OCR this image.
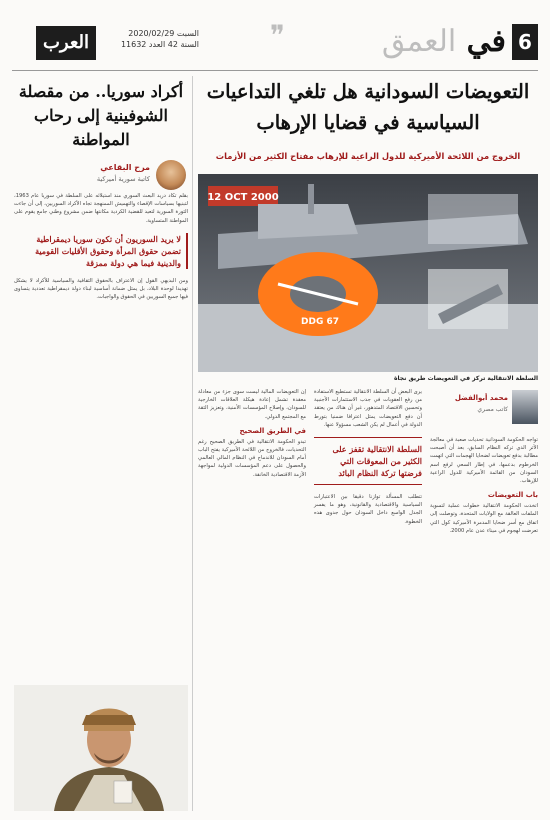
6
في العمق
❞
العرب	السبت 2020/02/29
السنة 42 العدد 11632
أكراد سوريا.. من مقصلة الشوفينية إلى رحاب المواطنة
مرح البقاعي
كاتبة سورية أميركية

بقلم تكاد دريد البعث السوري منذ استيلائه على السلطة في سوريا عام 1963، لتبنيها بسياسات الإقصاء والتهميش الممنهجة تجاه الأكراد السوريين، إلى أن جاءت الثورة السورية لتعيد للقضية الكردية مكانتها ضمن مشروع وطني جامع يقوم على المواطنة المتساوية.

لا يريد السوريون أن تكون سوريا ديمقراطية تضمن حقوق المرأة وحقوق الأقليات القومية والدينية فيما هي دولة ممزقة

ومن البديهي القول إن الاعتراف بالحقوق الثقافية والسياسية للأكراد لا يشكل تهديدا لوحدة البلاد، بل يمثل ضمانة أساسية لبناء دولة ديمقراطية تعددية يتساوى فيها جميع السوريين في الحقوق والواجبات.

التعويضات السودانية هل تلغي التداعيات السياسية في قضايا الإرهاب
الخروج من اللائحة الأميركية للدول الراعية للإرهاب مفتاح الكثير من الأزمات
12 OCT 2000
DDG 67
السلطة الانتقالية تركز في التعويضات طريق نجاة
محمد أبوالفضل
كاتب مصري

تواجه الحكومة السودانية تحديات صعبة في معالجة الأثر الذي تركه النظام السابق، بعد أن أصبحت مطالبة بدفع تعويضات لضحايا الهجمات التي اتهمت الخرطوم بدعمها، في إطار السعي لرفع اسم السودان من القائمة الأميركية للدول الراعية للإرهاب.

باب التعويضات

اتخذت الحكومة الانتقالية خطوات عملية لتسوية الملفات العالقة مع الولايات المتحدة، وتوصلت إلى اتفاق مع أسر ضحايا المدمرة الأميركية كول التي تعرضت لهجوم في ميناء عدن عام 2000.

يرى البعض أن السلطة الانتقالية تستطيع الاستفادة من رفع العقوبات في جذب الاستثمارات الأجنبية وتحسين الاقتصاد المتدهور، غير أن هناك من يعتقد أن دفع التعويضات يمثل اعترافا ضمنيا بتورط الدولة في أعمال لم يكن الشعب مسؤولا عنها.

السلطة الانتقالية تقفز على الكثير من المعوقات التي فرضتها تركة النظام البائد

تتطلب المسألة توازنا دقيقا بين الاعتبارات السياسية والاقتصادية والقانونية، وهو ما يفسر الجدل الواسع داخل السودان حول جدوى هذه الخطوة.

إن التعويضات المالية ليست سوى جزء من معادلة معقدة تشمل إعادة هيكلة العلاقات الخارجية للسودان، وإصلاح المؤسسات الأمنية، وتعزيز الثقة مع المجتمع الدولي.

في الطريق الصحيح

تبدو الحكومة الانتقالية في الطريق الصحيح رغم التحديات، فالخروج من اللائحة الأميركية يفتح الباب أمام السودان للاندماج في النظام المالي العالمي والحصول على دعم المؤسسات الدولية لمواجهة الأزمة الاقتصادية الخانقة.
